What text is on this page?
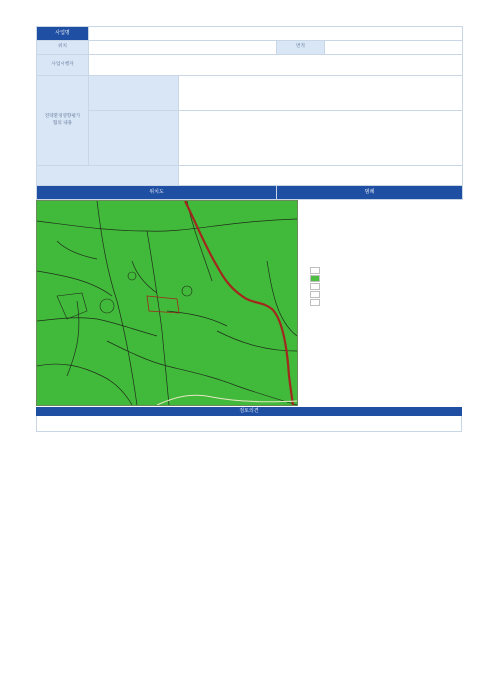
사업명				
위치			면적	
사업시행자				
전략환경영향평가
협의 내용				

위치도			범례	
검토의견
